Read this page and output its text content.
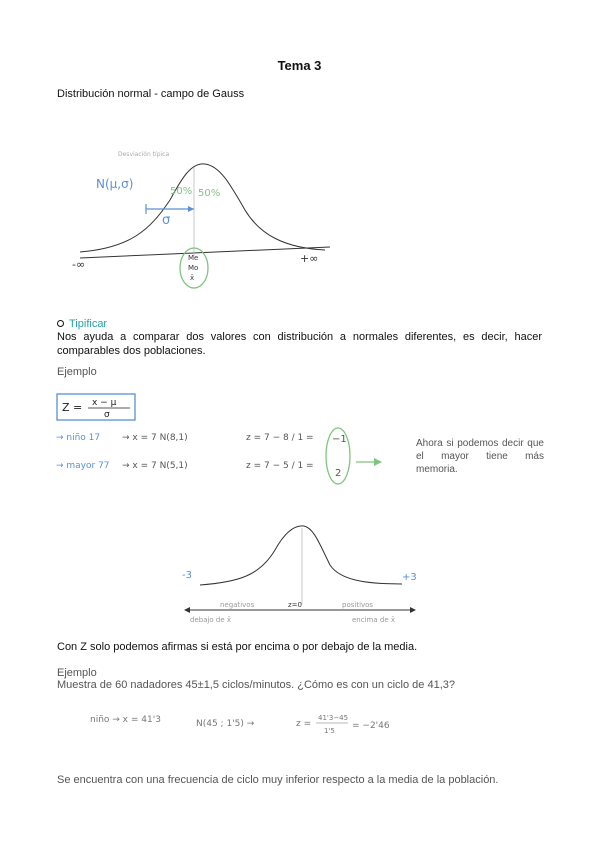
Tema 3
Distribución normal - campo de Gauss
N(μ,σ)
Desviación típica
50% 50%
σ
-∞	+∞
Me
Mo
x̄
Tipificar
Nos ayuda a comparar dos valores con distribución a normales diferentes, es decir, hacer comparables dos poblaciones.
Ejemplo
Z = x − μ
σ
→ niño 17 → x = 7 N(8,1)	z = 7 − 8 / 1 = −1
→ mayor 77 → x = 7 N(5,1)	z = 7 − 5 / 1 =
2
Ahora si podemos decir que el mayor tiene más memoria.
-3	+3
negativos	z=0	positivos
debajo de x̄	encima de x̄
Con Z solo podemos afirmas si está por encima o por debajo de la media.
Ejemplo
Muestra de 60 nadadores 45±1,5 ciclos/minutos. ¿Cómo es con un ciclo de 41,3?
niño → x = 41'3	N(45 ; 1'5) →	z =
41'3−45
1'5 = −2'46
Se encuentra con una frecuencia de ciclo muy inferior respecto a la media de la población.
